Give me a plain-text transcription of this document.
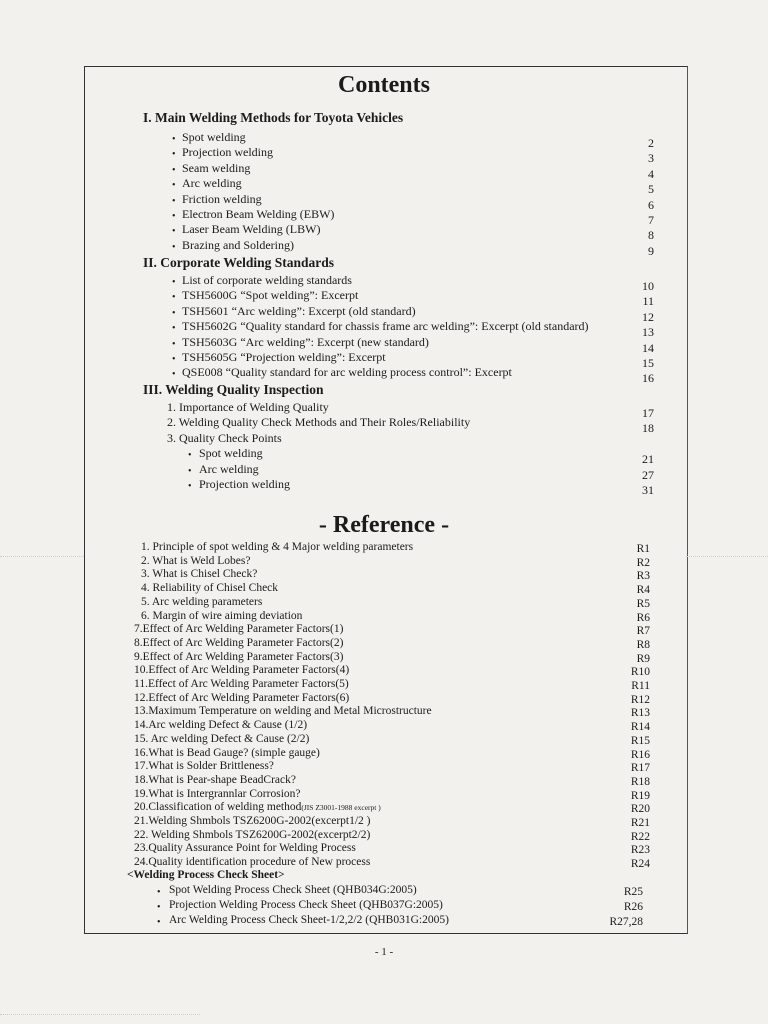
Contents
- Reference -
- 1 -
I. Main Welding Methods for Toyota Vehicles
• Spot welding	2
• Projection welding	3
• Seam welding	4
• Arc welding	5
• Friction welding	6
• Electron Beam Welding (EBW)	7
• Laser Beam Welding (LBW)	8
• Brazing and Soldering)	9
II. Corporate Welding Standards
• List of corporate welding standards	10
• TSH5600G “Spot welding”: Excerpt	11
• TSH5601 “Arc welding”: Excerpt (old standard)	12
• TSH5602G “Quality standard for chassis frame arc welding”: Excerpt (old standard)	13
• TSH5603G “Arc welding”: Excerpt (new standard)	14
• TSH5605G “Projection welding”: Excerpt	15
• QSE008 “Quality standard for arc welding process control”: Excerpt	16
III. Welding Quality Inspection
1. Importance of Welding Quality	17
2. Welding Quality Check Methods and Their Roles/Reliability	18
3. Quality Check Points
• Spot welding	21
• Arc welding	27
• Projection welding	31
1. Principle of spot welding & 4 Major welding parameters	R1
2. What is Weld Lobes?	R2
3. What is Chisel Check?	R3
4. Reliability of Chisel Check	R4
5. Arc welding parameters	R5
6. Margin of wire aiming deviation	R6
7.Effect of Arc Welding Parameter Factors(1)	R7
8.Effect of Arc Welding Parameter Factors(2)	R8
9.Effect of Arc Welding Parameter Factors(3)	R9
10.Effect of Arc Welding Parameter Factors(4)	R10
11.Effect of Arc Welding Parameter Factors(5)	R11
12.Effect of Arc Welding Parameter Factors(6)	R12
13.Maximum Temperature on welding and Metal Microstructure	R13
14.Arc welding Defect & Cause (1/2)	R14
15. Arc welding Defect & Cause (2/2)	R15
16.What is Bead Gauge? (simple gauge)	R16
17.What is Solder Brittleness?	R17
18.What is Pear-shape BeadCrack?	R18
19.What is Intergrannlar Corrosion?	R19
20.Classification of welding method(JIS Z3001-1988 excerpt )	R20
21.Welding Shmbols TSZ6200G-2002(excerpt1/2 )	R21
22. Welding Shmbols TSZ6200G-2002(excerpt2/2)	R22
23.Quality Assurance Point for Welding Process	R23
24.Quality identification procedure of New process	R24
<Welding Process Check Sheet>
• Spot Welding Process Check Sheet (QHB034G:2005)	R25
• Projection Welding Process Check Sheet (QHB037G:2005)	R26
• Arc Welding Process Check Sheet-1/2,2/2 (QHB031G:2005)	R27,28
